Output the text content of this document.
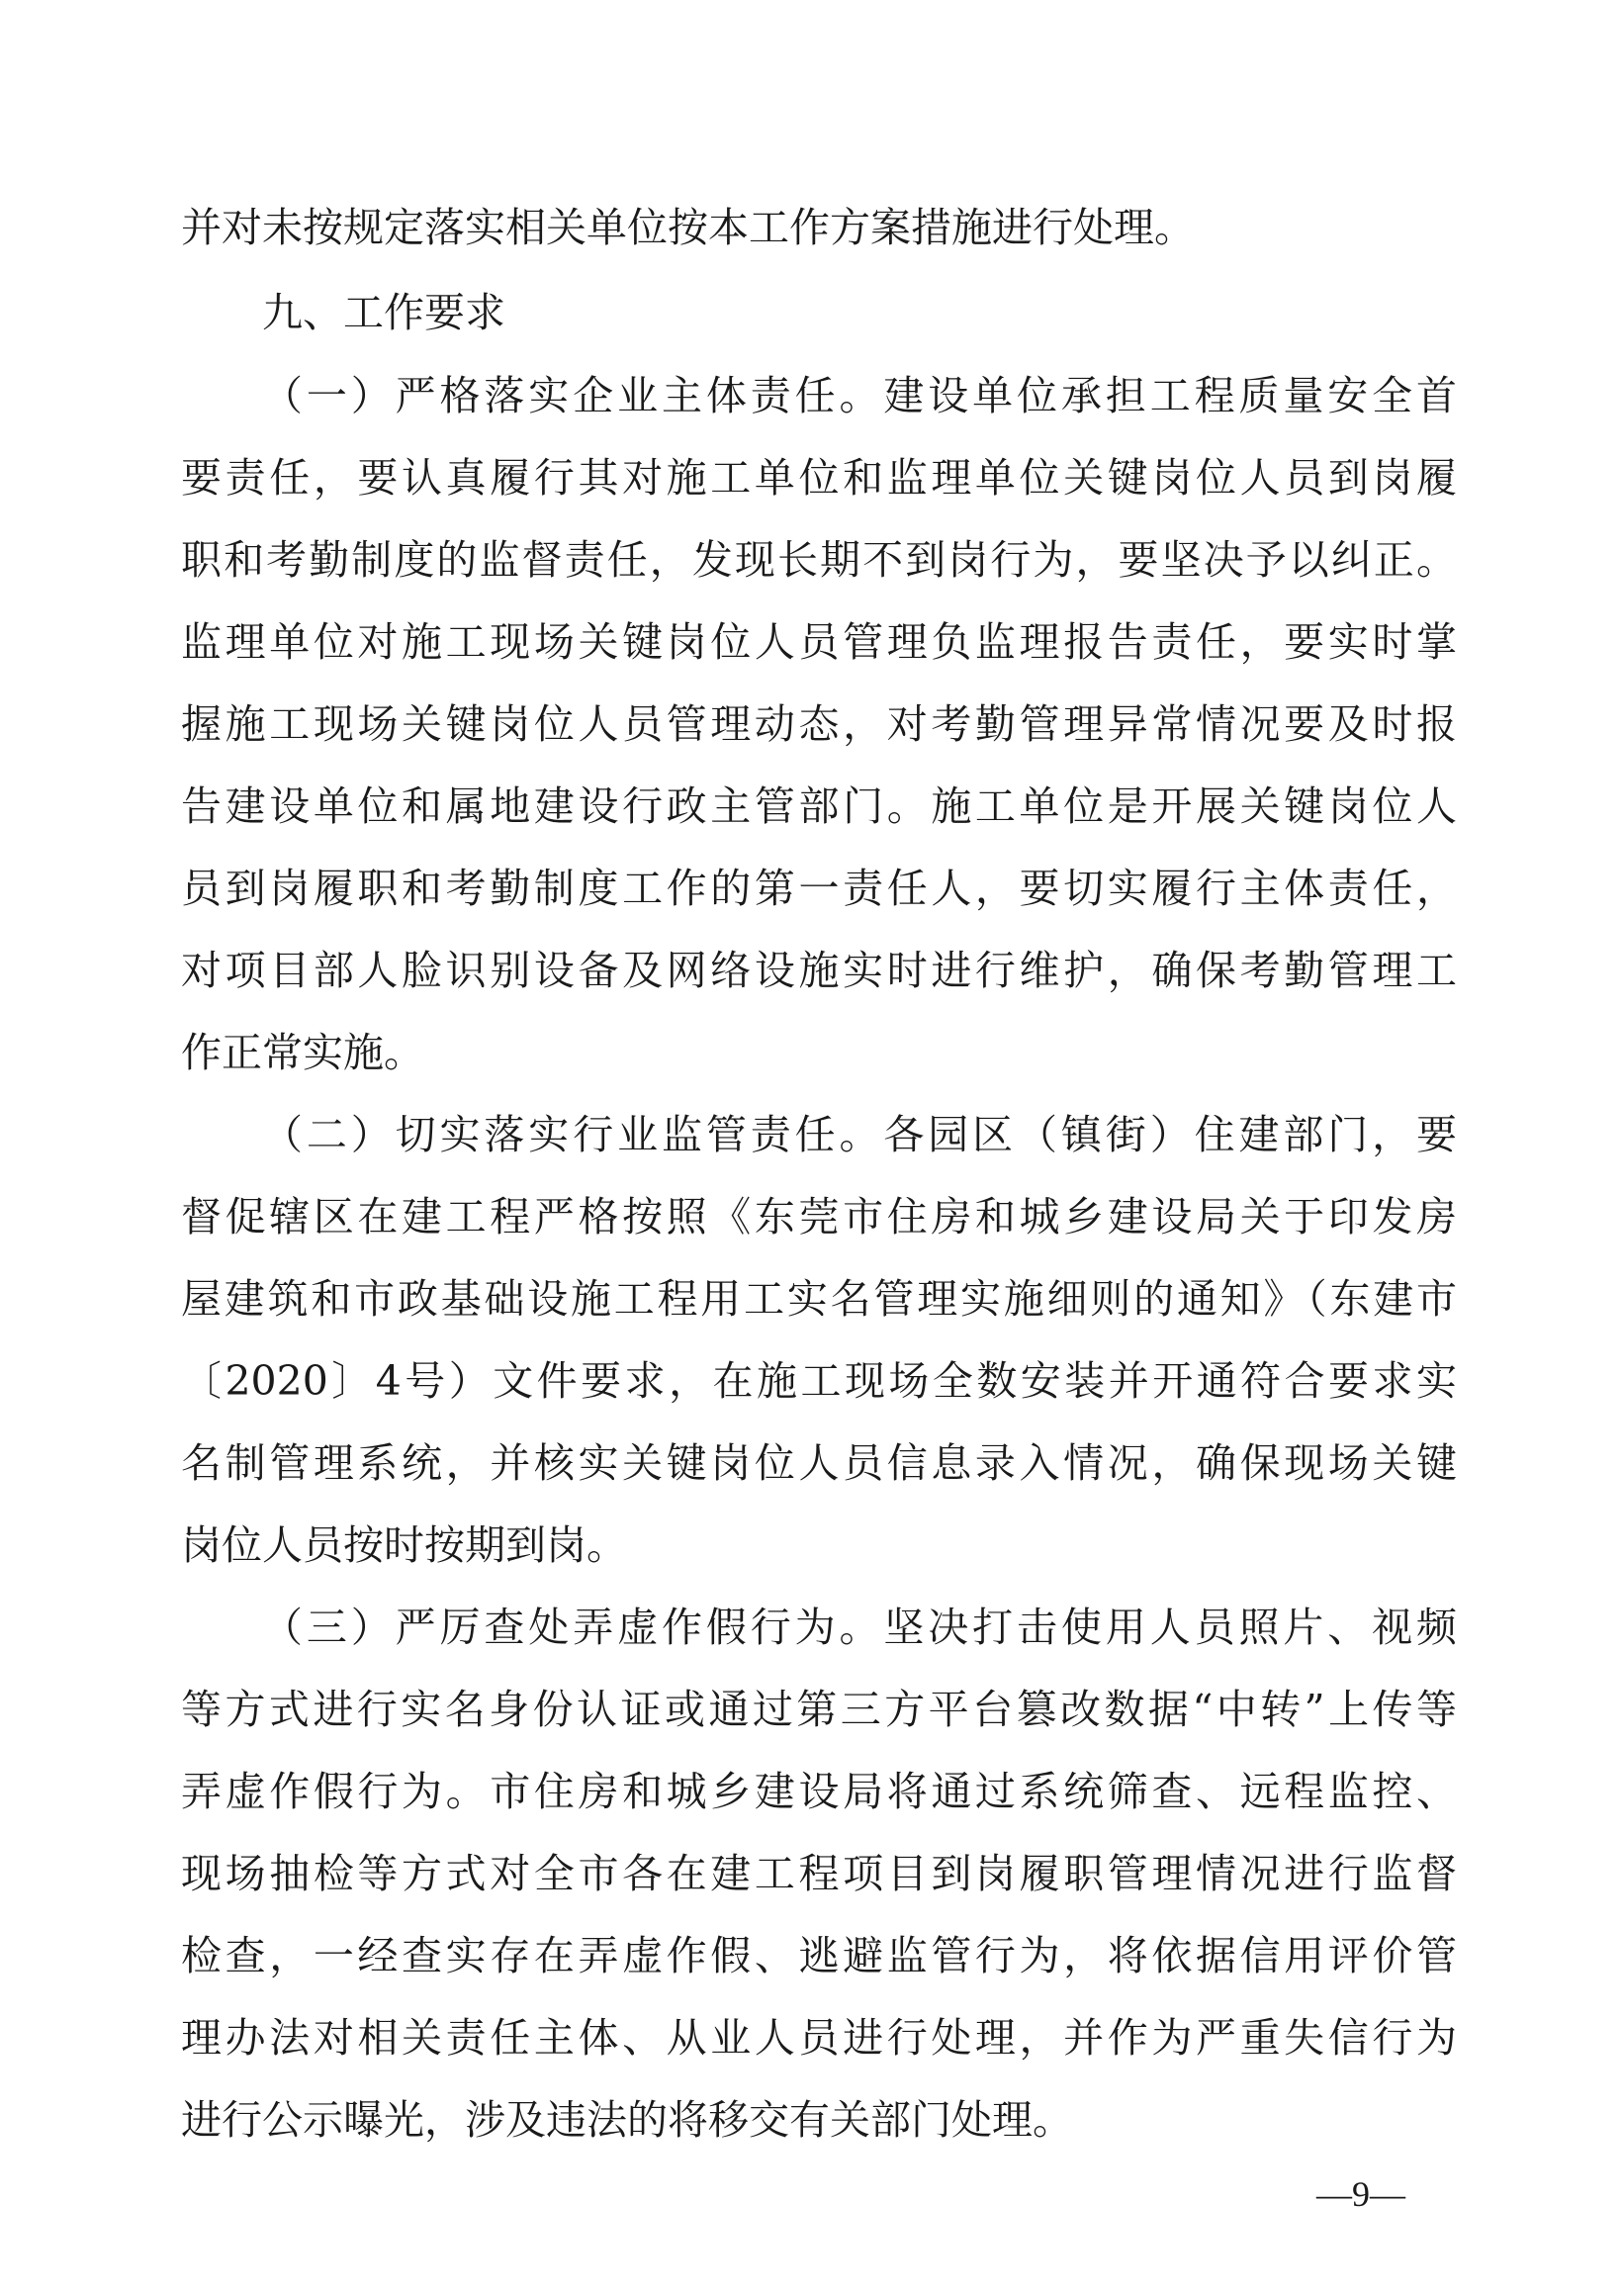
并对未按规定落实相关单位按本工作方案措施进行处理。
九、工作要求
（一）严格落实企业主体责任。建设单位承担工程质量安全首
要责任，要认真履行其对施工单位和监理单位关键岗位人员到岗履
职和考勤制度的监督责任，发现长期不到岗行为，要坚决予以纠正。
监理单位对施工现场关键岗位人员管理负监理报告责任，要实时掌
握施工现场关键岗位人员管理动态，对考勤管理异常情况要及时报
告建设单位和属地建设行政主管部门。施工单位是开展关键岗位人
员到岗履职和考勤制度工作的第一责任人，要切实履行主体责任，
对项目部人脸识别设备及网络设施实时进行维护，确保考勤管理工
作正常实施。
（二）切实落实行业监管责任。各园区（镇街）住建部门，要
督促辖区在建工程严格按照《东莞市住房和城乡建设局关于印发房
屋建筑和市政基础设施工程用工实名管理实施细则的通知》（东建市
〔2020〕4号）文件要求，在施工现场全数安装并开通符合要求实
名制管理系统，并核实关键岗位人员信息录入情况，确保现场关键
岗位人员按时按期到岗。
（三）严厉查处弄虚作假行为。坚决打击使用人员照片、视频
等方式进行实名身份认证或通过第三方平台篡改数据“中转”上传等
弄虚作假行为。市住房和城乡建设局将通过系统筛查、远程监控、
现场抽检等方式对全市各在建工程项目到岗履职管理情况进行监督
检查，一经查实存在弄虚作假、逃避监管行为，将依据信用评价管
理办法对相关责任主体、从业人员进行处理，并作为严重失信行为
进行公示曝光，涉及违法的将移交有关部门处理。
—9—
